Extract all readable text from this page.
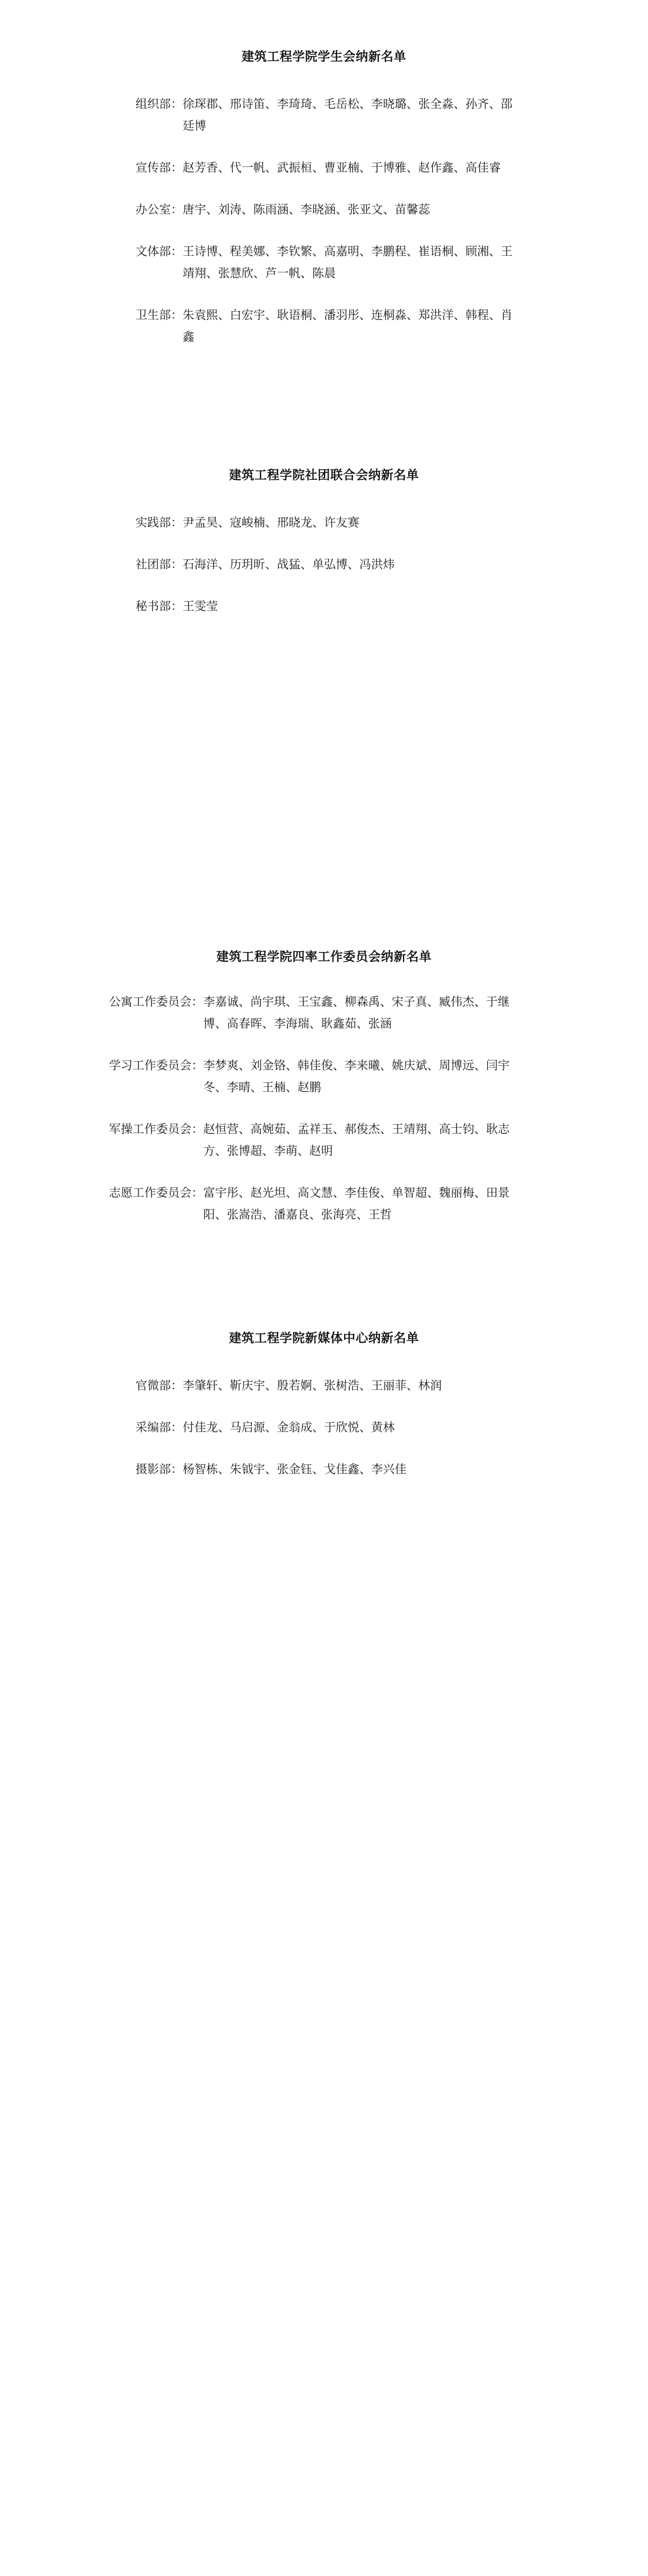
建筑工程学院学生会纳新名单
组织部： 徐琛郡、邢诗笛、李琦琦、毛岳松、李晓璐、张全淼、孙齐、邵廷博
宣传部： 赵芳香、代一帆、武振桓、曹亚楠、于博雅、赵作鑫、高佳睿
办公室： 唐宇、刘涛、陈雨涵、李晓涵、张亚文、苗馨蕊
文体部： 王诗博、程美娜、李钦繁、高嘉明、李鹏程、崔语桐、顾湘、王靖翔、张慧欣、芦一帆、陈晨
卫生部： 朱袁熙、白宏宇、耿语桐、潘羽彤、连桐淼、郑洪洋、韩程、肖鑫
建筑工程学院社团联合会纳新名单
实践部： 尹孟昊、寇峻楠、邢晓龙、许友赛
社团部： 石海洋、历玥昕、战猛、单弘博、冯洪炜
秘书部： 王雯莹
建筑工程学院四率工作委员会纳新名单
公寓工作委员会： 李嘉诚、尚宇琪、王宝鑫、柳森禹、宋子真、臧伟杰、于继博、高春晖、李海瑞、耿鑫茹、张涵
学习工作委员会： 李梦爽、刘金铬、韩佳俊、李来曦、姚庆斌、周博远、闫宇冬、李晴、王楠、赵鹏
军操工作委员会： 赵恒营、高婉茹、孟祥玉、郝俊杰、王靖翔、高士钧、耿志方、张博超、李萌、赵明
志愿工作委员会： 富宇彤、赵光坦、高文慧、李佳俊、单智超、魏丽梅、田景阳、张嵩浩、潘嘉良、张海亮、王哲
建筑工程学院新媒体中心纳新名单
官微部： 李肇轩、靳庆宇、殷若婀、张树浩、王丽菲、林润
采编部： 付佳龙、马启源、金翁成、于欣悦、黄林
摄影部： 杨智栋、朱钺宇、张金钰、戈佳鑫、李兴佳
